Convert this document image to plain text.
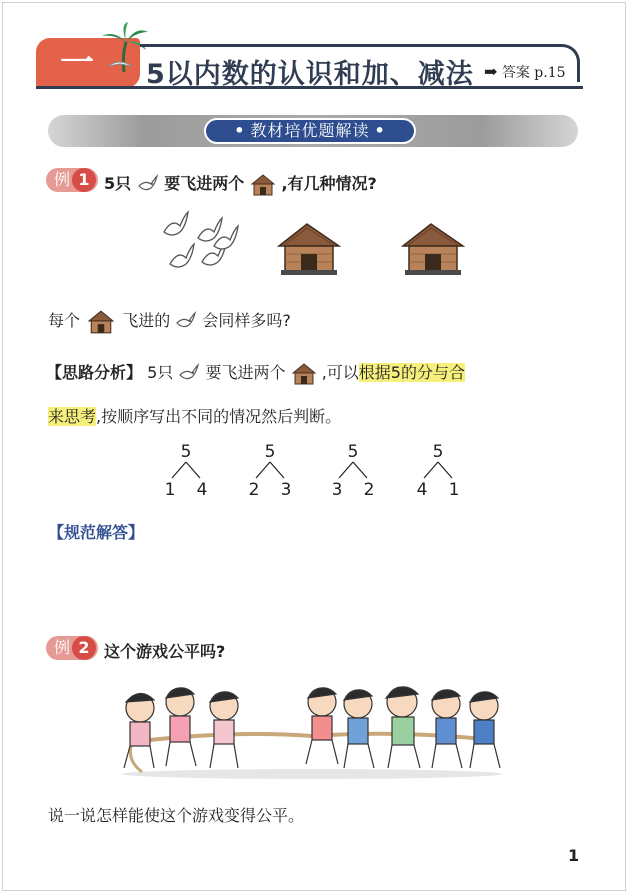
一	5以内数的认识和加、减法 ➡ 答案 p.15
• 教材培优题解读 •
例 1 5只 要飞进两个 ,有几种情况?
每个	飞进的 会同样多吗?
【思路分析】 5只 要飞进两个 ,可以根据5的分与合
来思考,按顺序写出不同的情况然后判断。
5
1 4
5
2 3
5
3 2
5
4 1
【规范解答】
例 2 这个游戏公平吗?
说一说怎样能使这个游戏变得公平。
1
